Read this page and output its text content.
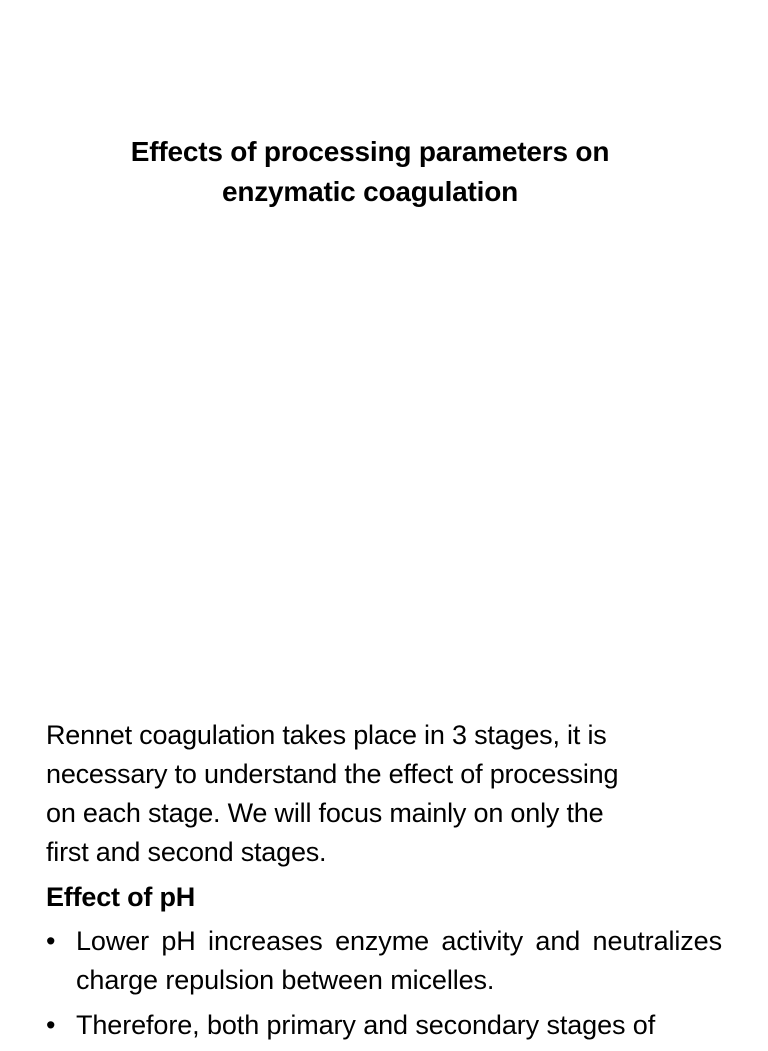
Effects of processing parameters on
enzymatic coagulation

Rennet coagulation takes place in 3 stages, it is

necessary to understand the effect of processing

on each stage. We will focus mainly on only the

first and second stages.

Effect of pH
• Lower pH increases enzyme activity and neutralizes charge repulsion between micelles.
• Therefore, both primary and secondary stages of
